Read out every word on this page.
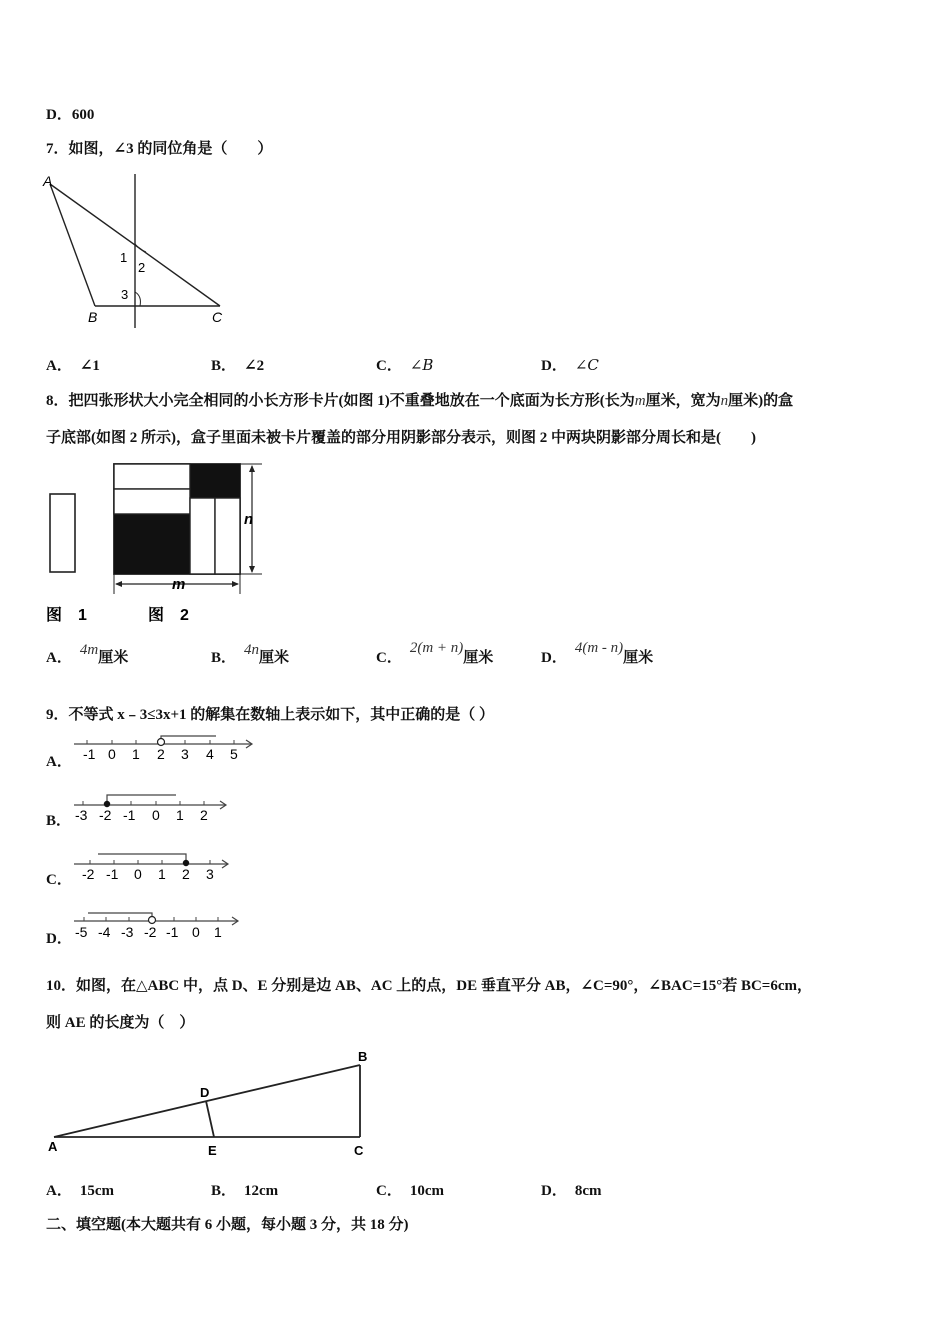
D．600
7．如图，∠3 的同位角是（　　）
A
B	C
1
2
3
A． ∠1	B． ∠2	C． ∠B	D． ∠C
8．把四张形状大小完全相同的小长方形卡片(如图 1)不重叠地放在一个底面为长方形(长为m厘米，宽为n厘米)的盒
子底部(如图 2 所示)，盒子里面未被卡片覆盖的部分用阴影部分表示，则图 2 中两块阴影部分周长和是(　　)
n
m
图　1	图　2
A． 4m厘米	B． 4n厘米	C．2(m + n)厘米	D．4(m - n)厘米
9．不等式 x﹣3≤3x+1 的解集在数轴上表示如下，其中正确的是（ ）
A． -1 0 1 2 3 4 5
B． -3 -2 -1 0 1 2
C． -2 -1 0 1 2 3
D． -5 -4 -3 -2 -1 0 1
10．如图，在△ABC 中，点 D、E 分别是边 AB、AC 上的点，DE 垂直平分 AB，∠C=90°，∠BAC=15°若 BC=6cm，
则 AE 的长度为（　）
A
B
C
D
E
A． 15cm	B． 12cm	C． 10cm	D． 8cm
二、填空题(本大题共有 6 小题，每小题 3 分，共 18 分)
